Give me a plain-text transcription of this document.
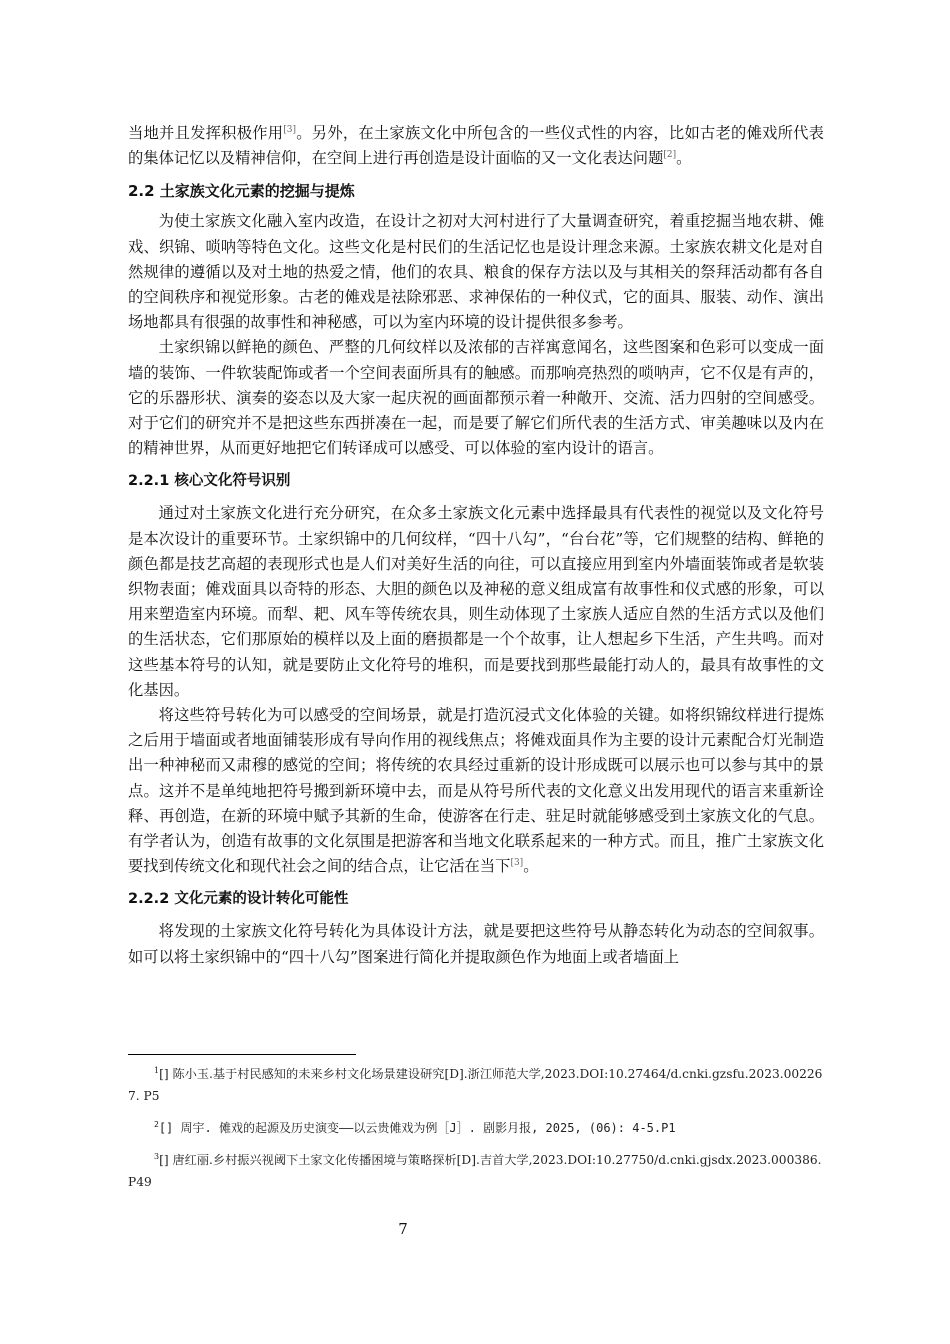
当地并且发挥积极作用[3]。另外，在土家族文化中所包含的一些仪式性的内容，比如古老的傩戏所代表的集体记忆以及精神信仰，在空间上进行再创造是设计面临的又一文化表达问题[2]。

2.2 土家族文化元素的挖掘与提炼

为使土家族文化融入室内改造，在设计之初对大河村进行了大量调查研究，着重挖掘当地农耕、傩戏、织锦、唢呐等特色文化。这些文化是村民们的生活记忆也是设计理念来源。土家族农耕文化是对自然规律的遵循以及对土地的热爱之情，他们的农具、粮食的保存方法以及与其相关的祭拜活动都有各自的空间秩序和视觉形象。古老的傩戏是祛除邪恶、求神保佑的一种仪式，它的面具、服装、动作、演出场地都具有很强的故事性和神秘感，可以为室内环境的设计提供很多参考。

土家织锦以鲜艳的颜色、严整的几何纹样以及浓郁的吉祥寓意闻名，这些图案和色彩可以变成一面墙的装饰、一件软装配饰或者一个空间表面所具有的触感。而那响亮热烈的唢呐声，它不仅是有声的，它的乐器形状、演奏的姿态以及大家一起庆祝的画面都预示着一种敞开、交流、活力四射的空间感受。对于它们的研究并不是把这些东西拼凑在一起，而是要了解它们所代表的生活方式、审美趣味以及内在的精神世界，从而更好地把它们转译成可以感受、可以体验的室内设计的语言。

2.2.1 核心文化符号识别

通过对土家族文化进行充分研究，在众多土家族文化元素中选择最具有代表性的视觉以及文化符号是本次设计的重要环节。土家织锦中的几何纹样，“四十八勾”，“台台花”等，它们规整的结构、鲜艳的颜色都是技艺高超的表现形式也是人们对美好生活的向往，可以直接应用到室内外墙面装饰或者是软装织物表面；傩戏面具以奇特的形态、大胆的颜色以及神秘的意义组成富有故事性和仪式感的形象，可以用来塑造室内环境。而犁、耙、风车等传统农具，则生动体现了土家族人适应自然的生活方式以及他们的生活状态，它们那原始的模样以及上面的磨损都是一个个故事，让人想起乡下生活，产生共鸣。而对这些基本符号的认知，就是要防止文化符号的堆积，而是要找到那些最能打动人的，最具有故事性的文化基因。

将这些符号转化为可以感受的空间场景，就是打造沉浸式文化体验的关键。如将织锦纹样进行提炼之后用于墙面或者地面铺装形成有导向作用的视线焦点；将傩戏面具作为主要的设计元素配合灯光制造出一种神秘而又肃穆的感觉的空间；将传统的农具经过重新的设计形成既可以展示也可以参与其中的景点。这并不是单纯地把符号搬到新环境中去，而是从符号所代表的文化意义出发用现代的语言来重新诠释、再创造，在新的环境中赋予其新的生命，使游客在行走、驻足时就能够感受到土家族文化的气息。有学者认为，创造有故事的文化氛围是把游客和当地文化联系起来的一种方式。而且，推广土家族文化要找到传统文化和现代社会之间的结合点，让它活在当下[3]。

2.2.2 文化元素的设计转化可能性

将发现的土家族文化符号转化为具体设计方法，就是要把这些符号从静态转化为动态的空间叙事。如可以将土家织锦中的“四十八勾”图案进行简化并提取颜色作为地面上或者墙面上

$^1$[] 陈小玉.基于村民感知的未来乡村文化场景建设研究[D].浙江师范大学,2023.DOI:10.27464/d.cnki.gzsfu.2023.002267. P5

$^2$[] 周宇. 傩戏的起源及历史演变——以云贵傩戏为例［J］. 剧影月报, 2025, (06): 4-5.P1

$^3$[] 唐红丽.乡村振兴视阈下土家文化传播困境与策略探析[D].吉首大学,2023.DOI:10.27750/d.cnki.gjsdx.2023.000386. P49

7
